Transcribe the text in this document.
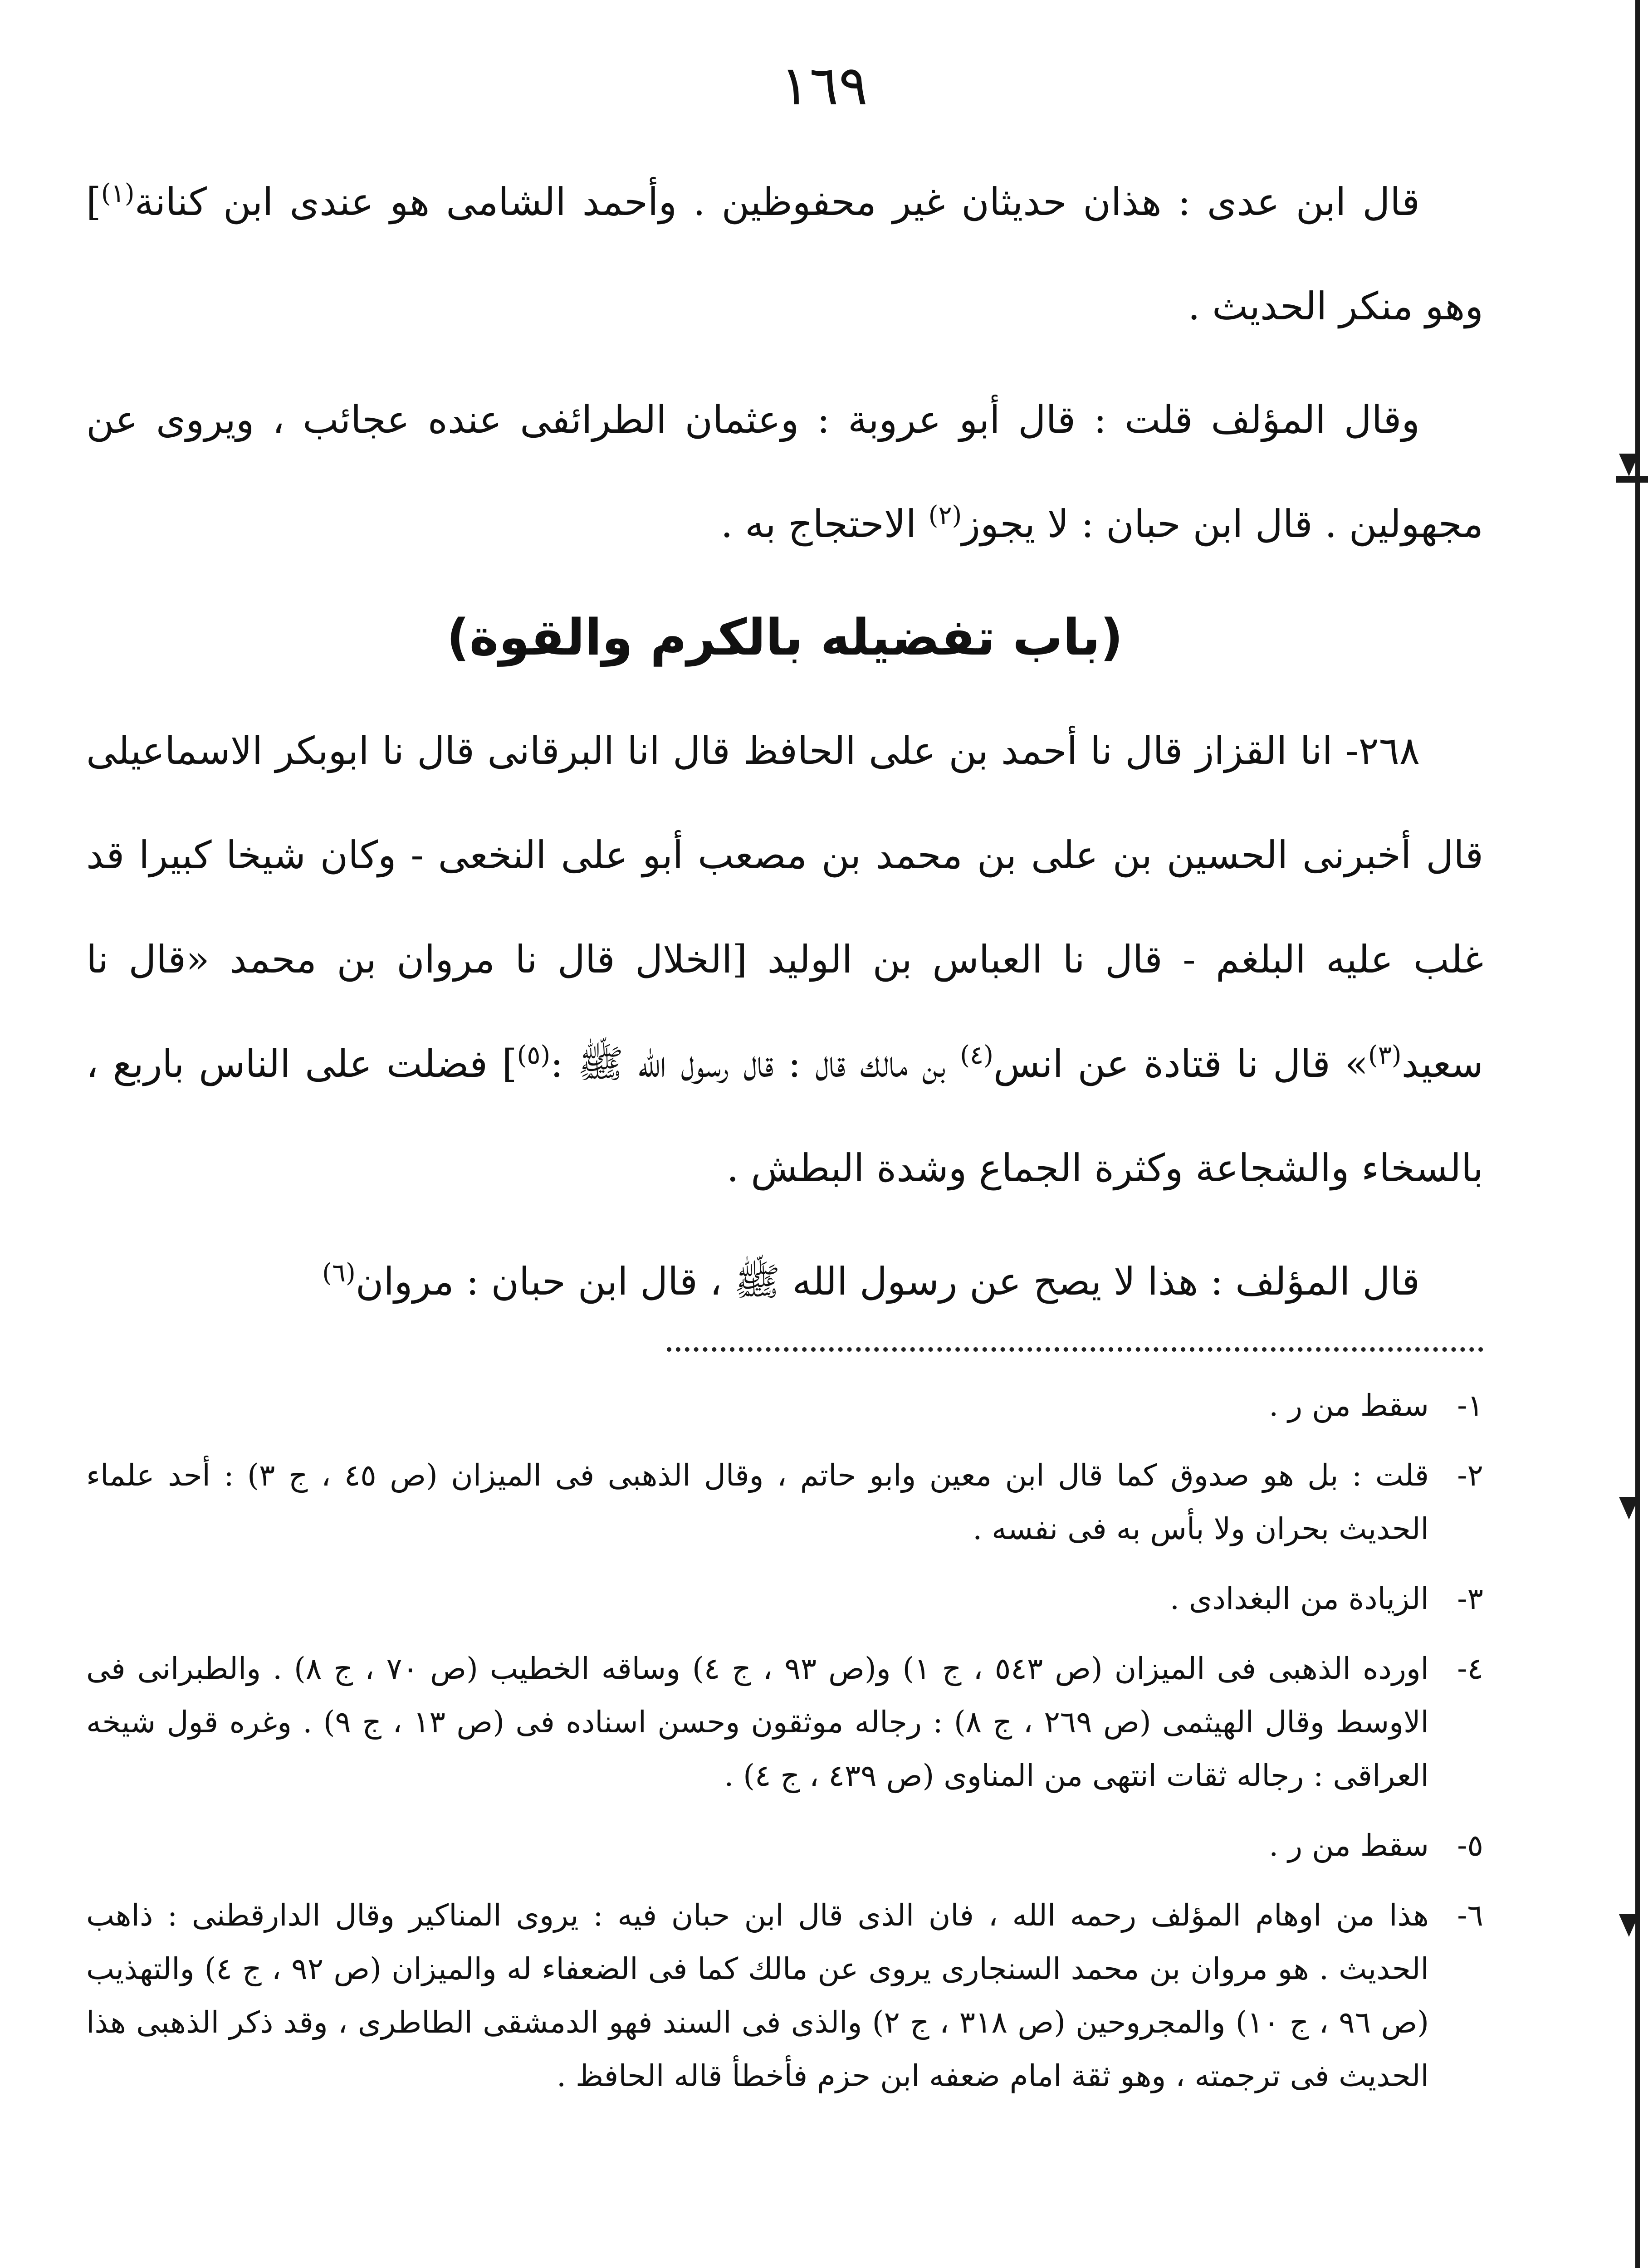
١٦٩

قال ابن عدى : هذان حديثان غير محفوظين . وأحمد الشامى هو عندى ابن كنانة$^{(١)}$] وهو منكر الحديث .

وقال المؤلف قلت : قال أبو عروبة : وعثمان الطرائفى عنده عجائب ، ويروى عن مجهولين . قال ابن حبان : لا يجوز$^{(٢)}$ الاحتجاج به .

(باب تفضيله بالكرم والقوة)

٢٦٨- انا القزاز قال نا أحمد بن على الحافظ قال انا البرقانى قال نا ابوبكر الاسماعيلى قال أخبرنى الحسين بن على بن محمد بن مصعب أبو على النخعى - وكان شيخا كبيرا قد غلب عليه البلغم - قال نا العباس بن الوليد [الخلال قال نا مروان بن محمد «قال نا سعيد$^{(٣)}$» قال نا قتادة عن انس$^{(٤)}$ بن مالك قال : قال رسول الله ﷺ :$^{(٥)}$] فضلت على الناس باربع ، بالسخاء والشجاعة وكثرة الجماع وشدة البطش .

قال المؤلف : هذا لا يصح عن رسول الله ﷺ ، قال ابن حبان : مروان$^{(٦)}$

١-
سقط من ر .
٢-
قلت : بل هو صدوق كما قال ابن معين وابو حاتم ، وقال الذهبى فى الميزان (ص ٤٥ ، ج ٣) : أحد علماء الحديث بحران ولا بأس به فى نفسه .
٣-
الزيادة من البغدادى .
٤-
اورده الذهبى فى الميزان (ص ٥٤٣ ، ج ١) و(ص ٩٣ ، ج ٤) وساقه الخطيب (ص ٧٠ ، ج ٨) . والطبرانى فى الاوسط وقال الهيثمى (ص ٢٦٩ ، ج ٨) : رجاله موثقون وحسن اسناده فى (ص ١٣ ، ج ٩) . وغره قول شيخه العراقى : رجاله ثقات انتهى من المناوى (ص ٤٣٩ ، ج ٤) .
٥-
سقط من ر .
٦-
هذا من اوهام المؤلف رحمه الله ، فان الذى قال ابن حبان فيه : يروى المناكير وقال الدارقطنى : ذاهب الحديث . هو مروان بن محمد السنجارى يروى عن مالك كما فى الضعفاء له والميزان (ص ٩٢ ، ج ٤) والتهذيب (ص ٩٦ ، ج ١٠) والمجروحين (ص ٣١٨ ، ج ٢) والذى فى السند فهو الدمشقى الطاطرى ، وقد ذكر الذهبى هذا الحديث فى ترجمته ، وهو ثقة امام ضعفه ابن حزم فأخطأ قاله الحافظ .
